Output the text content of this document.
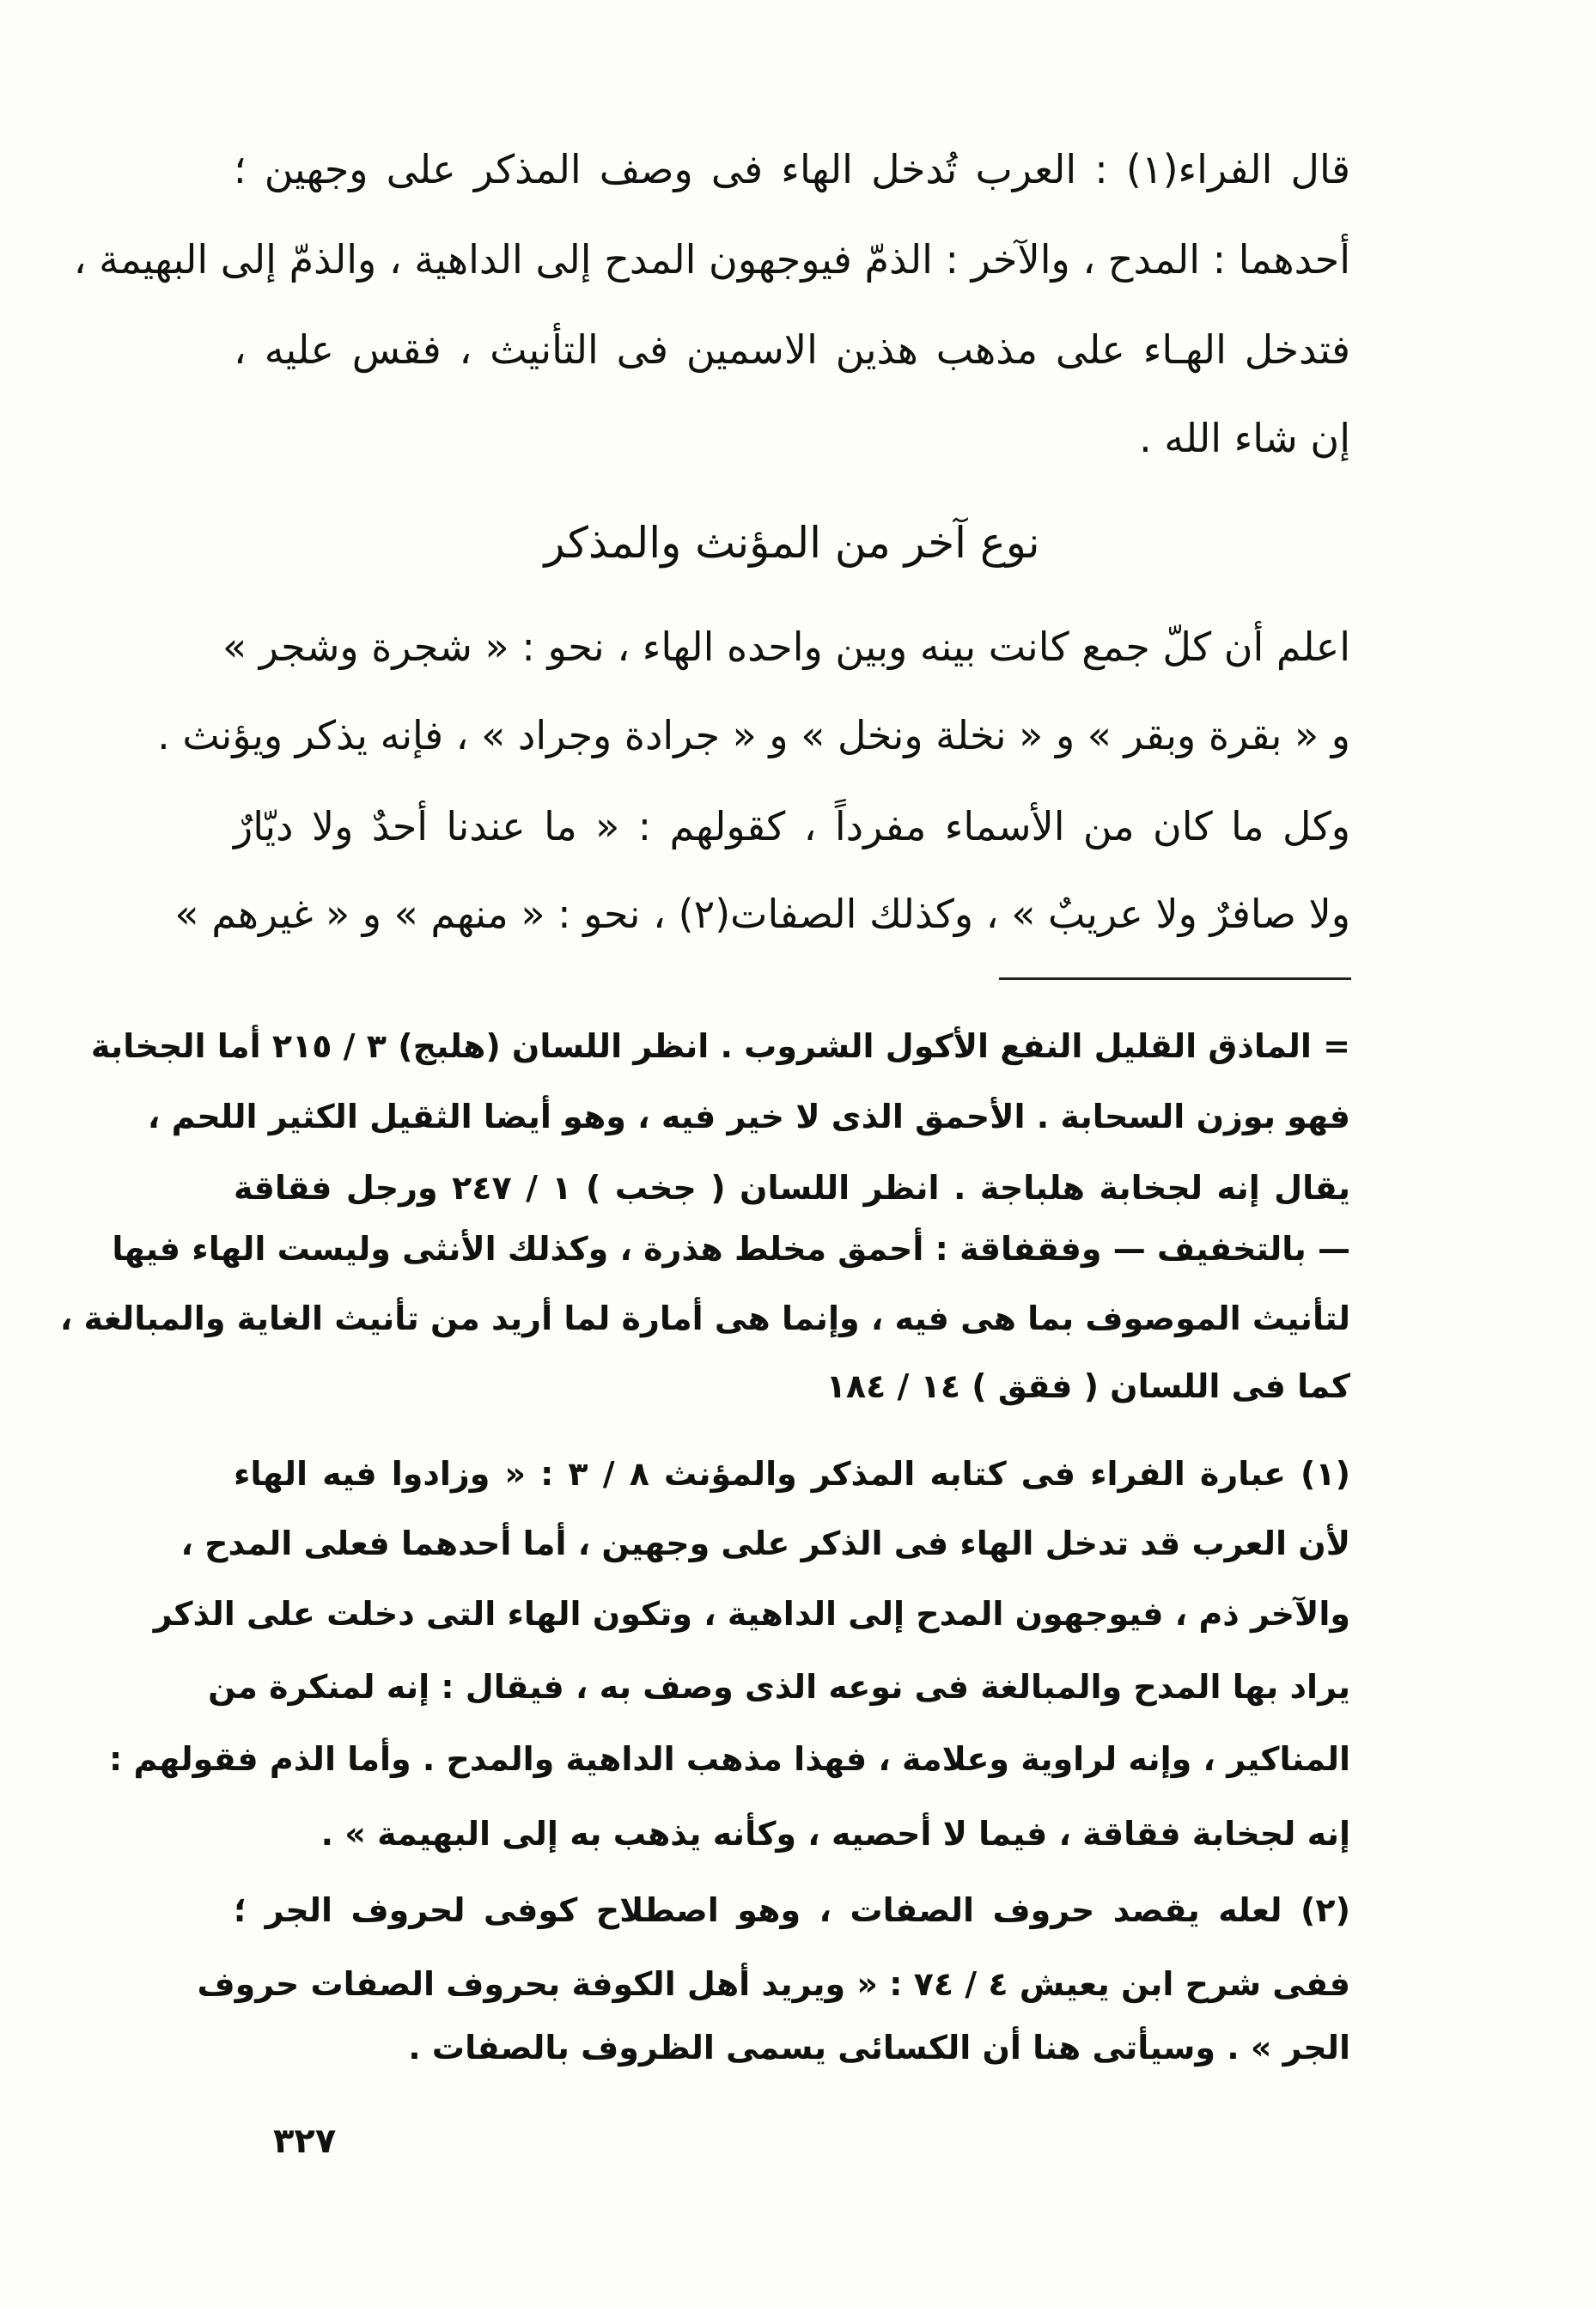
قال الفراء(١) : العرب تُدخل الهاء فى وصف المذكر على وجهين ؛
أحدهما : المدح ، والآخر : الذمّ فيوجهون المدح إلى الداهية ، والذمّ إلى البهيمة ،
فتدخل الهـاء على مذهب هذين الاسمين فى التأنيث ، فقس عليه ،
إن شاء الله .
نوع آخر من المؤنث والمذكر
اعلم أن كلّ جمع كانت بينه وبين واحده الهاء ، نحو : « شجرة وشجر »
و « بقرة وبقر » و « نخلة ونخل » و « جرادة وجراد » ، فإنه يذكر ويؤنث .
وكل ما كان من الأسماء مفرداً ، كقولهم : « ما عندنا أحدٌ ولا ديّارٌ
ولا صافرٌ ولا عريبٌ » ، وكذلك الصفات(٢) ، نحو : « منهم » و « غيرهم »
= الماذق القليل النفع الأكول الشروب . انظر اللسان (هلبج) ٣ / ٢١٥ أما الجخابة
فهو بوزن السحابة . الأحمق الذى لا خير فيه ، وهو أيضا الثقيل الكثير اللحم ،
يقال إنه لجخابة هلباجة . انظر اللسان ( جخب ) ١ / ٢٤٧ ورجل فقاقة
— بالتخفيف — وفقفاقة : أحمق مخلط هذرة ، وكذلك الأنثى وليست الهاء فيها
لتأنيث الموصوف بما هى فيه ، وإنما هى أمارة لما أريد من تأنيث الغاية والمبالغة ،
كما فى اللسان ( فقق ) ١٤ / ١٨٤
(١) عبارة الفراء فى كتابه المذكر والمؤنث ٨ / ٣ : « وزادوا فيه الهاء
لأن العرب قد تدخل الهاء فى الذكر على وجهين ، أما أحدهما فعلى المدح ،
والآخر ذم ، فيوجهون المدح إلى الداهية ، وتكون الهاء التى دخلت على الذكر
يراد بها المدح والمبالغة فى نوعه الذى وصف به ، فيقال : إنه لمنكرة من
المناكير ، وإنه لراوية وعلامة ، فهذا مذهب الداهية والمدح . وأما الذم فقولهم :
إنه لجخابة فقاقة ، فيما لا أحصيه ، وكأنه يذهب به إلى البهيمة » .
(٢) لعله يقصد حروف الصفات ، وهو اصطلاح كوفى لحروف الجر ؛
ففى شرح ابن يعيش ٤ / ٧٤ : « ويريد أهل الكوفة بحروف الصفات حروف
الجر » . وسيأتى هنا أن الكسائى يسمى الظروف بالصفات .
٣٢٧
